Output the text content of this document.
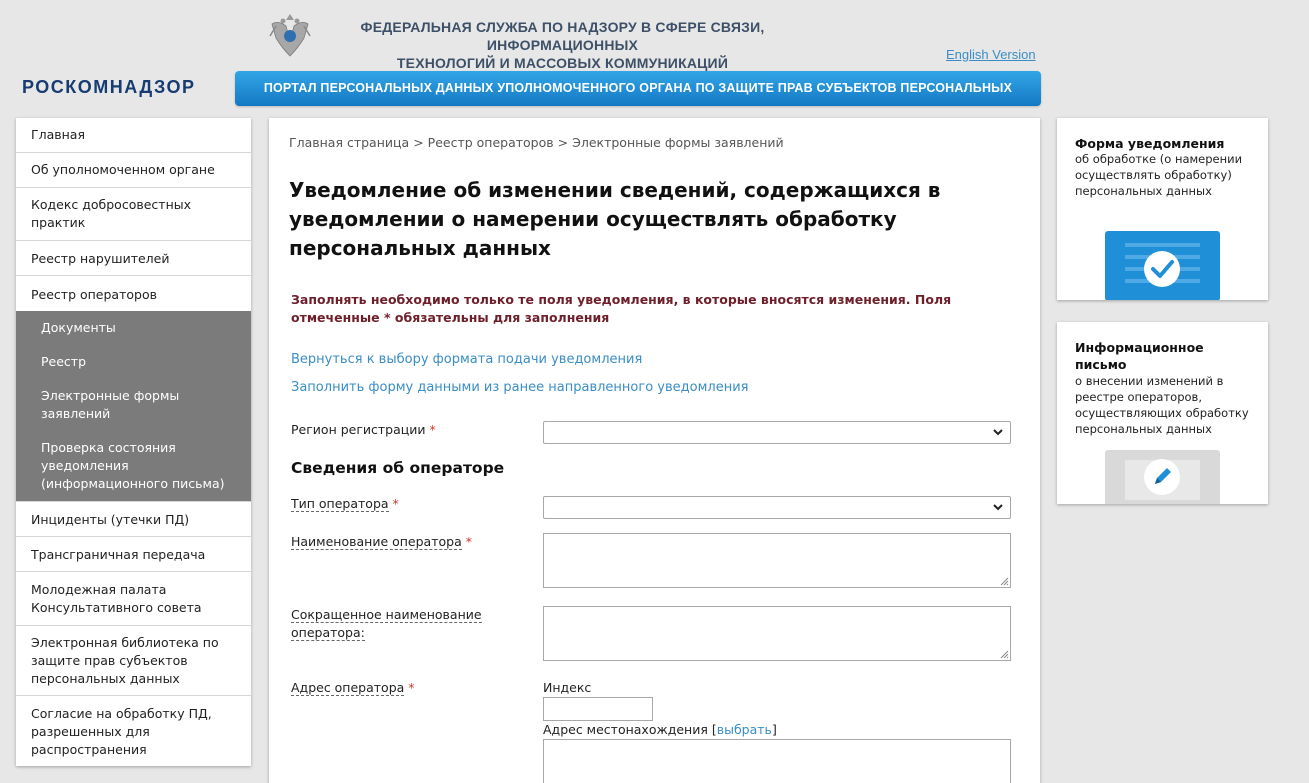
ФЕДЕРАЛЬНАЯ СЛУЖБА ПО НАДЗОРУ В СФЕРЕ СВЯЗИ, ИНФОРМАЦИОННЫХ
ТЕХНОЛОГИЙ И МАССОВЫХ КОММУНИКАЦИЙ
English Version
РОСКОМНАДЗОР	ПОРТАЛ ПЕРСОНАЛЬНЫХ ДАННЫХ УПОЛНОМОЧЕННОГО ОРГАНА ПО ЗАЩИТЕ ПРАВ СУБЪЕКТОВ ПЕРСОНАЛЬНЫХ
Главная
Об уполномоченном органе
Кодекс добросовестных практик
Реестр нарушителей
Реестр операторов
Документы
Реестр
Электронные формы заявлений
Проверка состояния уведомления (информационного письма)
Инциденты (утечки ПД)
Трансграничная передача
Молодежная палата Консультативного совета
Электронная библиотека по защите прав субъектов персональных данных
Согласие на обработку ПД, разрешенных для распространения
Главная страница > Реестр операторов > Электронные формы заявлений
Уведомление об изменении сведений, содержащихся в уведомлении о намерении осуществлять обработку персональных данных
Заполнять необходимо только те поля уведомления, в которые вносятся изменения. Поля отмеченные * обязательны для заполнения
Вернуться к выбору формата подачи уведомления
Заполнить форму данными из ранее направленного уведомления
Регион регистрации *
Сведения об операторе
Тип оператора *
Наименование оператора *
Сокращенное наименование оператора:
Адрес оператора *	Индекс
Адрес местонахождения [выбрать]
Форма уведомления

об обработке (о намерении осуществлять обработку) персональных данных

Информационное письмо

о внесении изменений в реестре операторов, осуществляющих обработку персональных данных
